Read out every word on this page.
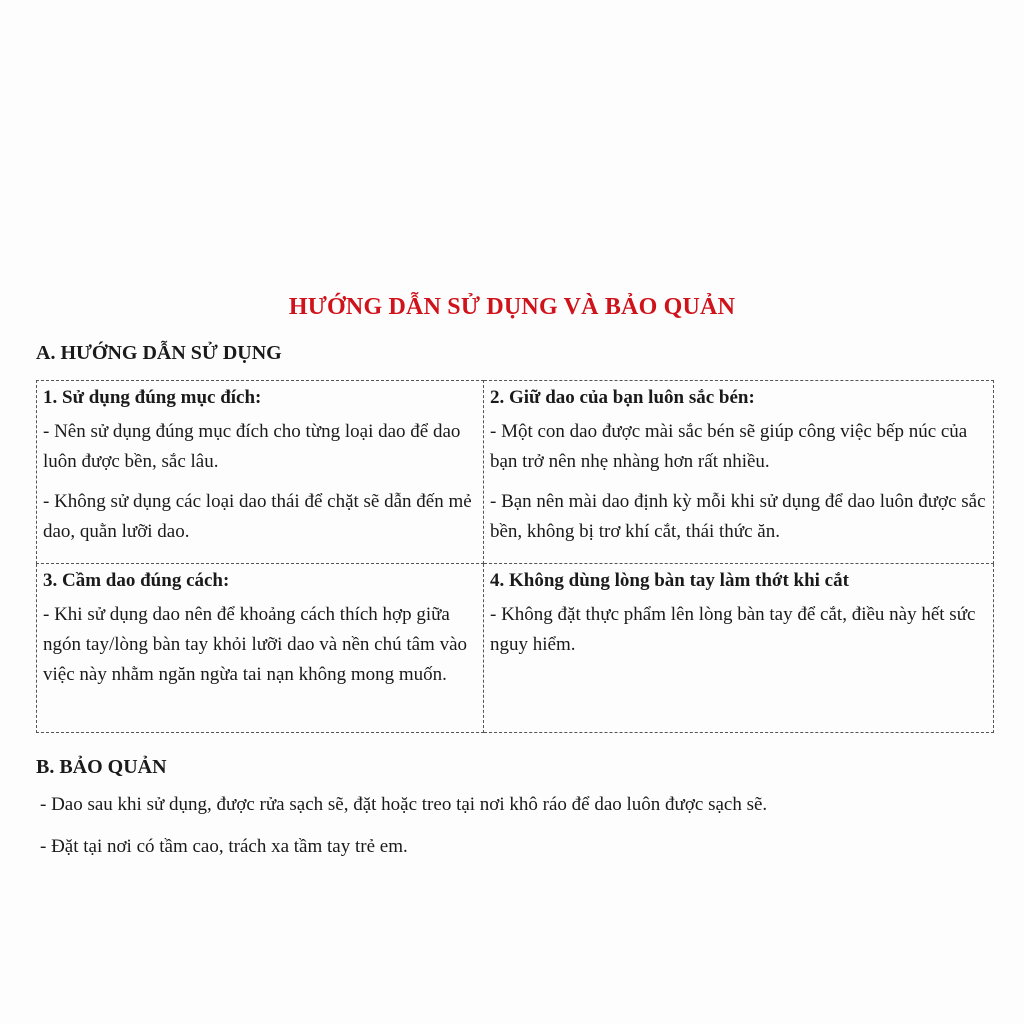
HƯỚNG DẪN SỬ DỤNG VÀ BẢO QUẢN
A. HƯỚNG DẪN SỬ DỤNG
1. Sử dụng đúng mục đích:

- Nên sử dụng đúng mục đích cho từng loại dao để dao luôn được bền, sắc lâu.

- Không sử dụng các loại dao thái để chặt sẽ dẫn đến mẻ dao, quằn lưỡi dao.

2. Giữ dao của bạn luôn sắc bén:

- Một con dao được mài sắc bén sẽ giúp công việc bếp núc của bạn trở nên nhẹ nhàng hơn rất nhiều.

- Bạn nên mài dao định kỳ mỗi khi sử dụng để dao luôn được sắc bền, không bị trơ khí cắt, thái thức ăn.

3. Cầm dao đúng cách:

- Khi sử dụng dao nên để khoảng cách thích hợp giữa ngón tay/lòng bàn tay khỏi lưỡi dao và nền chú tâm vào việc này nhằm ngăn ngừa tai nạn không mong muốn.

4. Không dùng lòng bàn tay làm thớt khi cắt

- Không đặt thực phẩm lên lòng bàn tay để cắt, điều này hết sức nguy hiểm.

B. BẢO QUẢN
- Dao sau khi sử dụng, được rửa sạch sẽ, đặt hoặc treo tại nơi khô ráo để dao luôn được sạch sẽ.
- Đặt tại nơi có tầm cao, trách xa tầm tay trẻ em.
